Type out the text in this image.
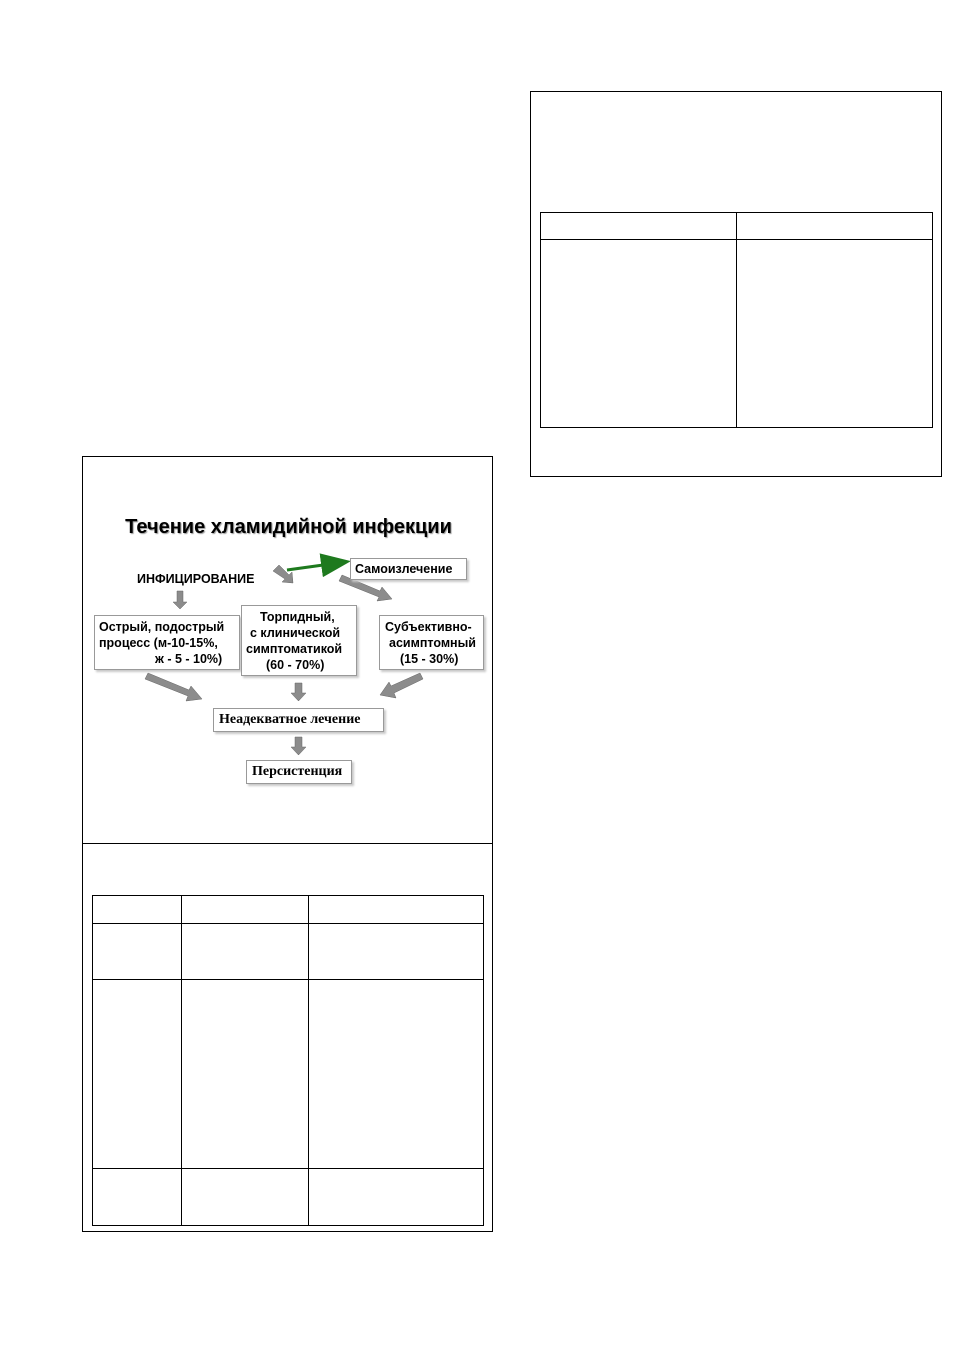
Течение хламидийной инфекции
ИНФИЦИРОВАНИЕ
Самоизлечение
Острый, подострый
процесс (м-10-15%,
ж - 5 - 10%)
Торпидный,
с клинической
симптоматикой
(60 - 70%)
Субъективно-
асимптомный
(15 - 30%)
Неадекватное лечение
Персистенция
